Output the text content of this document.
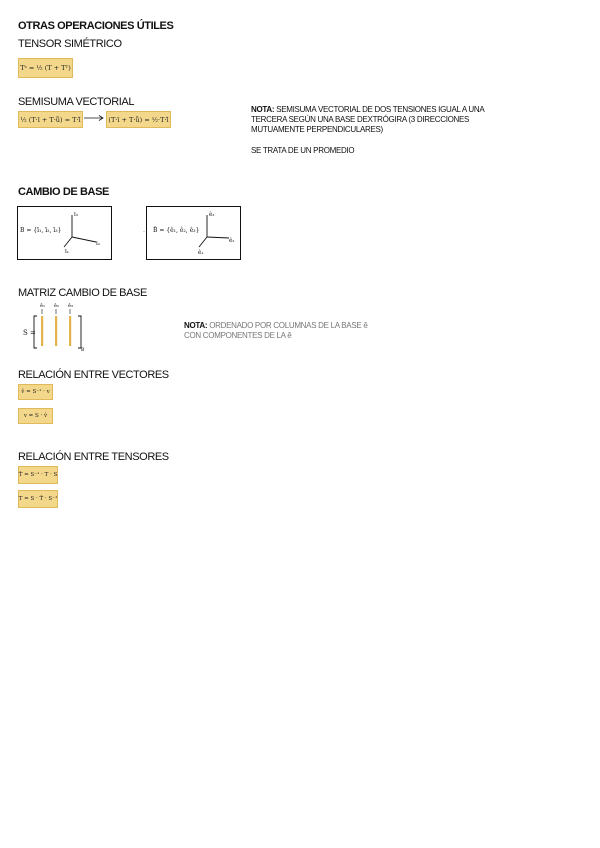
OTRAS OPERACIONES ÚTILES
TENSOR SIMÉTRICO
Tˢ = ½ (T + Tᵀ)
SEMISUMA VECTORIAL
½ (T·ī + T·ǖ) = T·ī̂	(T·ī + T·ǖ) = ½·T·ī̂
NOTA: SEMISUMA VECTORIAL DE DOS TENSIONES IGUAL A UNA TERCERA SEGÚN UNA BASE DEXTRÓGIRA (3 DIRECCIONES MUTUAMENTE PERPENDICULARES)
SE TRATA DE UN PROMEDIO
CAMBIO DE BASE
B = {ī₁, ī₂, ī₃}
ī₃
ī₂
ī₁
· B̂ = {ê₁, ê₂, ê₃}
ê₃
ê₂
ê₁
MATRIZ CAMBIO DE BASE
S =
ê₁ ê₂ ê₃
B
NOTA: ORDENADO POR COLUMNAS DE LA BASE ê
CON COMPONENTES DE LA ê
RELACIÓN ENTRE VECTORES
v̂ = S⁻¹ · v
v = S · v̂
RELACIÓN ENTRE TENSORES
T̂ = S⁻¹ · T · S
T = S · T̂ · S⁻¹
